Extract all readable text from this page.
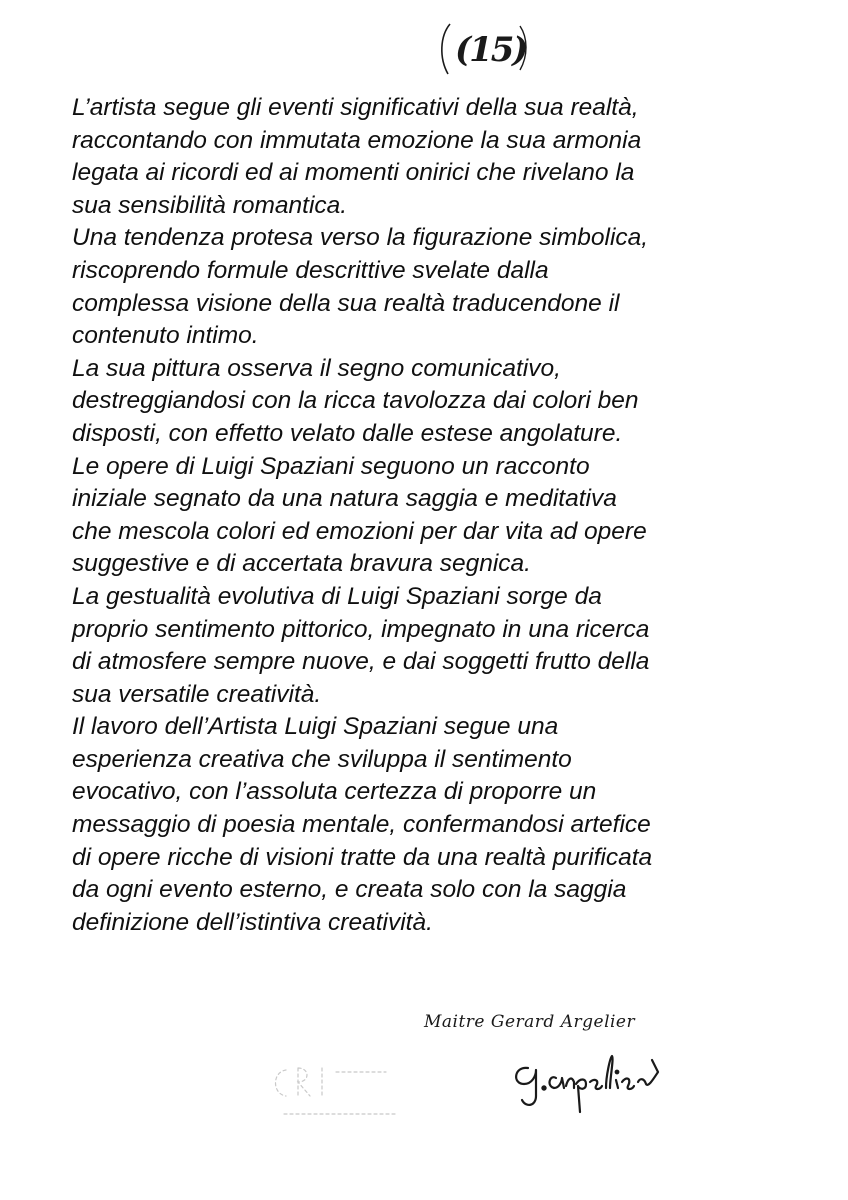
(15)
L’artista segue gli eventi significativi della sua realtà,
raccontando con immutata emozione la sua armonia
legata ai ricordi ed ai momenti onirici che rivelano la
sua sensibilità romantica.
Una tendenza protesa verso la figurazione simbolica,
riscoprendo formule descrittive svelate dalla
complessa visione della sua realtà traducendone il
contenuto intimo.
La sua pittura osserva il segno comunicativo,
destreggiandosi con la ricca tavolozza dai colori ben
disposti, con effetto velato dalle estese angolature.
Le opere di Luigi Spaziani seguono un racconto
iniziale segnato da una natura saggia e meditativa
che mescola colori ed emozioni per dar vita ad opere
suggestive e di accertata bravura segnica.
La gestualità evolutiva di Luigi Spaziani sorge da
proprio sentimento pittorico, impegnato in una ricerca
di atmosfere sempre nuove, e dai soggetti frutto della
sua versatile creatività.
Il lavoro dell’Artista Luigi Spaziani segue una
esperienza creativa che sviluppa il sentimento
evocativo, con l’assoluta certezza di proporre un
messaggio di poesia mentale, confermandosi artefice
di opere ricche di visioni tratte da una realtà purificata
da ogni evento esterno, e creata solo con la saggia
definizione dell’istintiva creatività.
Maitre Gerard Argelier
